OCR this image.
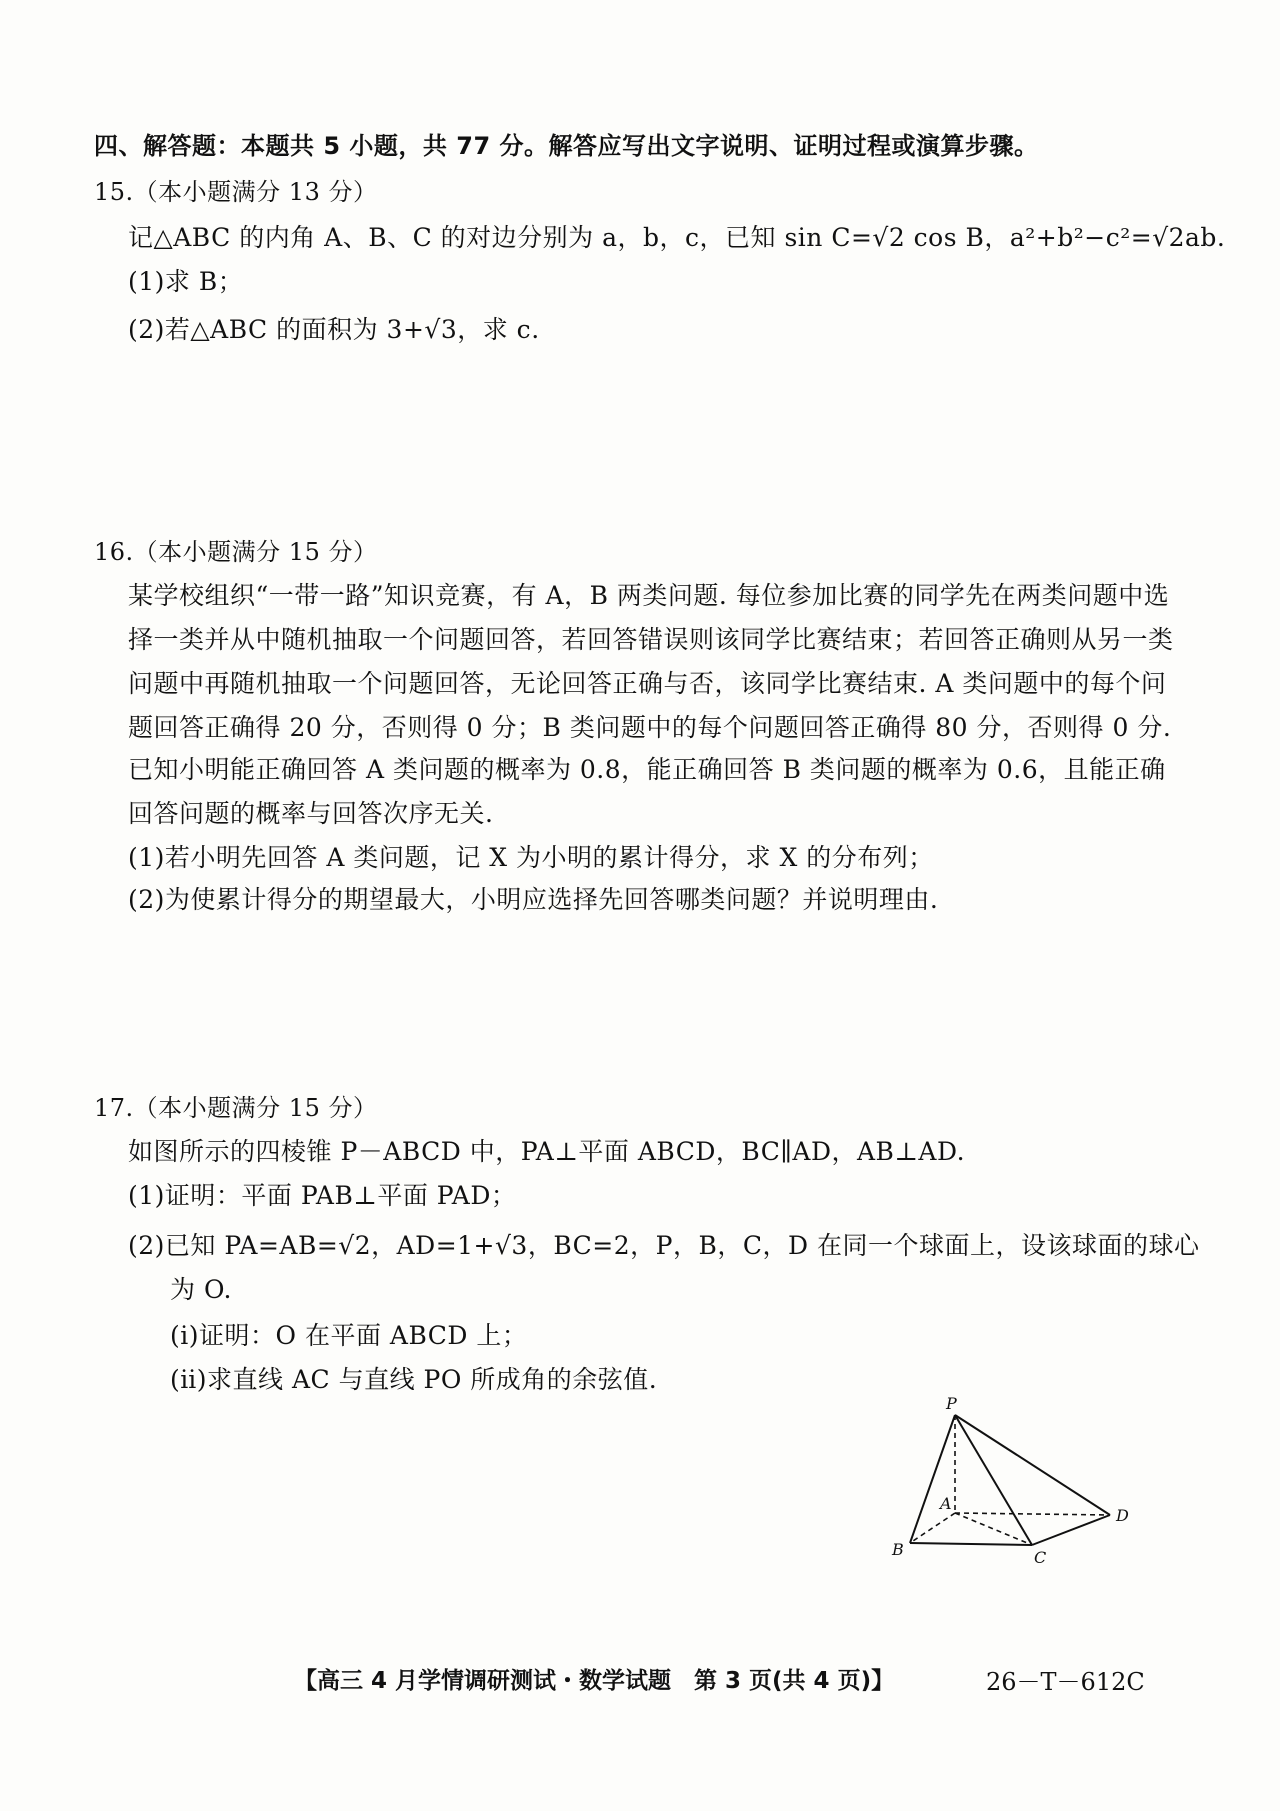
四、解答题：本题共 5 小题，共 77 分。解答应写出文字说明、证明过程或演算步骤。
15.（本小题满分 13 分）
记△ABC 的内角 A、B、C 的对边分别为 a，b，c，已知 sin C=√2 cos B，a²+b²−c²=√2ab.
(1)求 B；
(2)若△ABC 的面积为 3+√3，求 c.
16.（本小题满分 15 分）
某学校组织“一带一路”知识竞赛，有 A，B 两类问题. 每位参加比赛的同学先在两类问题中选
择一类并从中随机抽取一个问题回答，若回答错误则该同学比赛结束；若回答正确则从另一类
问题中再随机抽取一个问题回答，无论回答正确与否，该同学比赛结束. A 类问题中的每个问
题回答正确得 20 分，否则得 0 分；B 类问题中的每个问题回答正确得 80 分，否则得 0 分.
已知小明能正确回答 A 类问题的概率为 0.8，能正确回答 B 类问题的概率为 0.6，且能正确
回答问题的概率与回答次序无关.
(1)若小明先回答 A 类问题，记 X 为小明的累计得分，求 X 的分布列；
(2)为使累计得分的期望最大，小明应选择先回答哪类问题？并说明理由.
17.（本小题满分 15 分）
如图所示的四棱锥 P－ABCD 中，PA⊥平面 ABCD，BC∥AD，AB⊥AD.
(1)证明：平面 PAB⊥平面 PAD；
(2)已知 PA=AB=√2，AD=1+√3，BC=2，P，B，C，D 在同一个球面上，设该球面的球心
为 O.
(ⅰ)证明：O 在平面 ABCD 上；
(ⅱ)求直线 AC 与直线 PO 所成角的余弦值.
P
A
B	C
D
【高三 4 月学情调研测试・数学试题　第 3 页(共 4 页)】	26－T－612C
